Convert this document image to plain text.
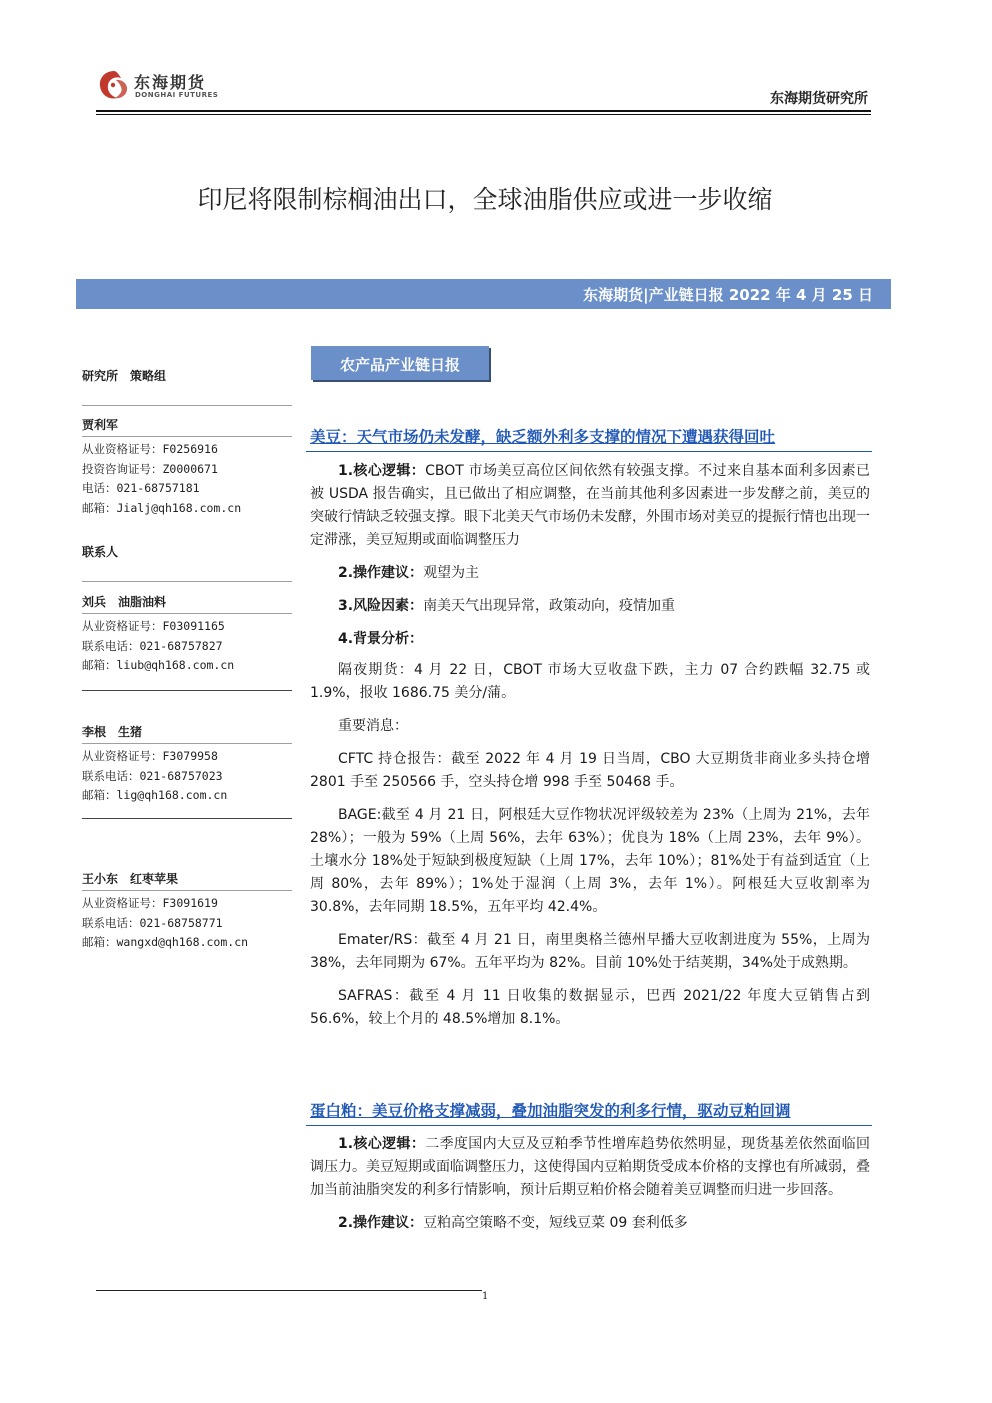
东海期货
DONGHAI FUTURES	东海期货研究所
印尼将限制棕榈油出口，全球油脂供应或进一步收缩
东海期货|产业链日报 2022 年 4 月 25 日
研究所　策略组
贾利军
从业资格证号：F0256916
投资咨询证号：Z0000671
电话：021-68757181
邮箱：Jialj@qh168.com.cn
联系人
刘兵　油脂油料
从业资格证号：F03091165
联系电话：021-68757827
邮箱：liub@qh168.com.cn
李根　生猪
从业资格证号：F3079958
联系电话：021-68757023
邮箱：lig@qh168.com.cn
王小东　红枣苹果
从业资格证号：F3091619
联系电话：021-68758771
邮箱：wangxd@qh168.com.cn
农产品产业链日报
美豆：天气市场仍未发酵，缺乏额外利多支撑的情况下遭遇获得回吐
1.核心逻辑：CBOT 市场美豆高位区间依然有较强支撑。不过来自基本面利多因素已被 USDA 报告确实，且已做出了相应调整，在当前其他利多因素进一步发酵之前，美豆的突破行情缺乏较强支撑。眼下北美天气市场仍未发酵，外围市场对美豆的提振行情也出现一定滞涨，美豆短期或面临调整压力
2.操作建议：观望为主
3.风险因素：南美天气出现异常，政策动向，疫情加重
4.背景分析：
隔夜期货：4 月 22 日，CBOT 市场大豆收盘下跌，主力 07 合约跌幅 32.75 或 1.9%，报收 1686.75 美分/蒲。
重要消息：
CFTC 持仓报告：截至 2022 年 4 月 19 日当周，CBO 大豆期货非商业多头持仓增 2801 手至 250566 手，空头持仓增 998 手至 50468 手。
BAGE:截至 4 月 21 日，阿根廷大豆作物状况评级较差为 23%（上周为 21%，去年 28%）；一般为 59%（上周 56%，去年 63%）；优良为 18%（上周 23%，去年 9%）。土壤水分 18%处于短缺到极度短缺（上周 17%，去年 10%）；81%处于有益到适宜（上周 80%，去年 89%）；1%处于湿润（上周 3%，去年 1%）。阿根廷大豆收割率为 30.8%，去年同期 18.5%，五年平均 42.4%。
Emater/RS：截至 4 月 21 日，南里奥格兰德州早播大豆收割进度为 55%，上周为 38%，去年同期为 67%。五年平均为 82%。目前 10%处于结荚期，34%处于成熟期。
SAFRAS：截至 4 月 11 日收集的数据显示，巴西 2021/22 年度大豆销售占到 56.6%，较上个月的 48.5%增加 8.1%。
蛋白粕：美豆价格支撑减弱，叠加油脂突发的利多行情，驱动豆粕回调
1.核心逻辑：二季度国内大豆及豆粕季节性增库趋势依然明显，现货基差依然面临回调压力。美豆短期或面临调整压力，这使得国内豆粕期货受成本价格的支撑也有所减弱，叠加当前油脂突发的利多行情影响，预计后期豆粕价格会随着美豆调整而归进一步回落。
2.操作建议：豆粕高空策略不变，短线豆菜 09 套利低多
1
